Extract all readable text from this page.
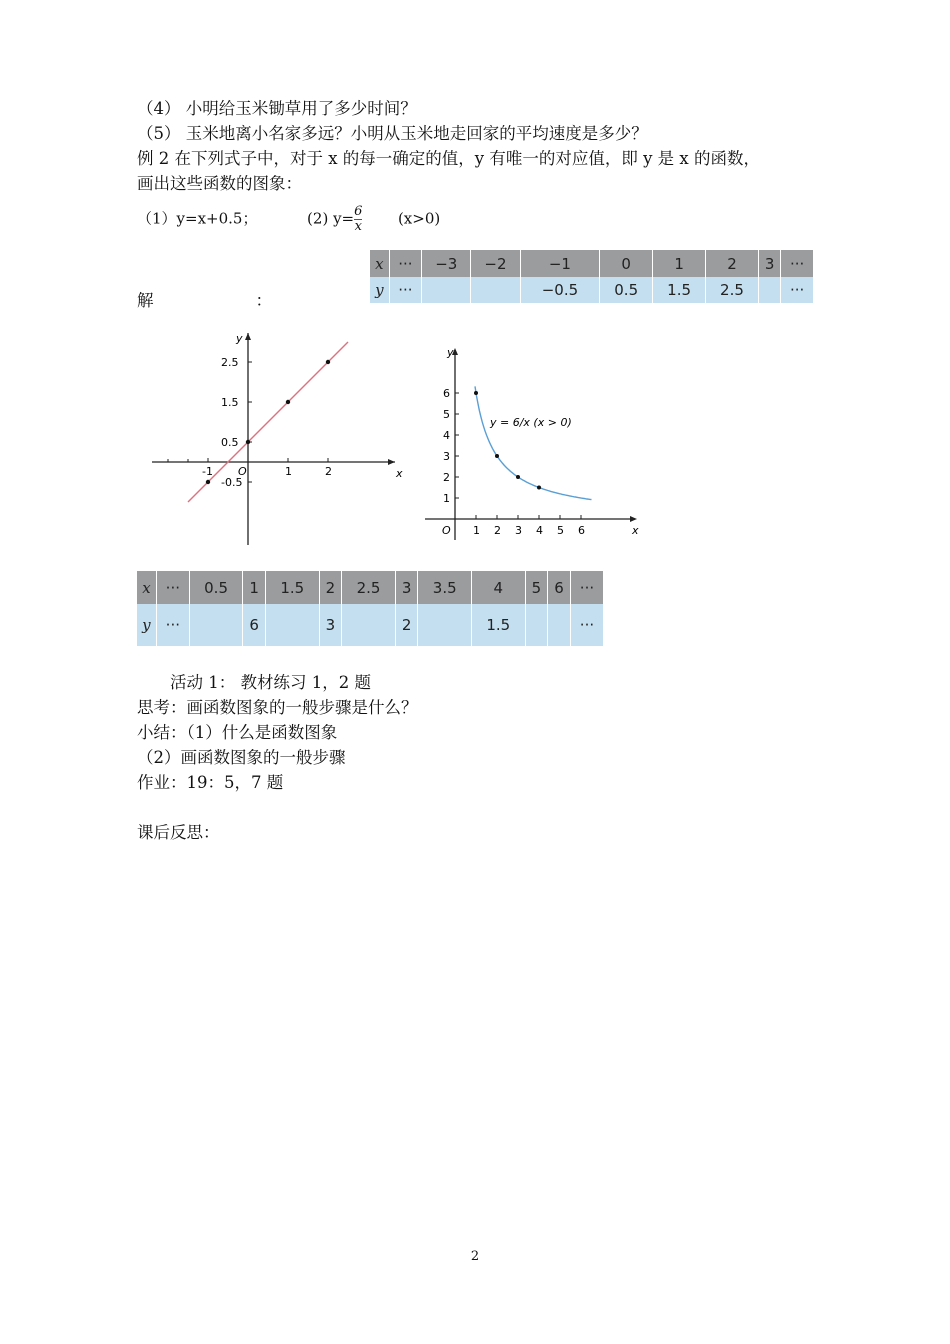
（4） 小明给玉米锄草用了多少时间？
（5） 玉米地离小名家多远？小明从玉米地走回家的平均速度是多少？
例 2 在下列式子中，对于 x 的每一确定的值，y 有唯一的对应值，即 y 是 x 的函数，
画出这些函数的图象：
（1）y=x+0.5；	(2) $y= \frac{6}{x} (x>0)$
解	：
x	···	−3	−2	−1	0	1	2	3	···
y	···			−0.5	0.5	1.5	2.5		···
x
y
-1 O	1	2
2.5
1.5
0.5
-0.5
x
y
O 1 2 3 4 5 6
6
5
4
3
2
1
y = 6/x (x > 0)
x	···	0.5	1	1.5	2	2.5	3	3.5	4	5	6	···
y	···		6		3		2		1.5			···
活动 1： 教材练习 1，2 题
思考：画函数图象的一般步骤是什么？
小结：（1）什么是函数图象
（2）画函数图象的一般步骤
作业：19：5，7 题
课后反思：
2
